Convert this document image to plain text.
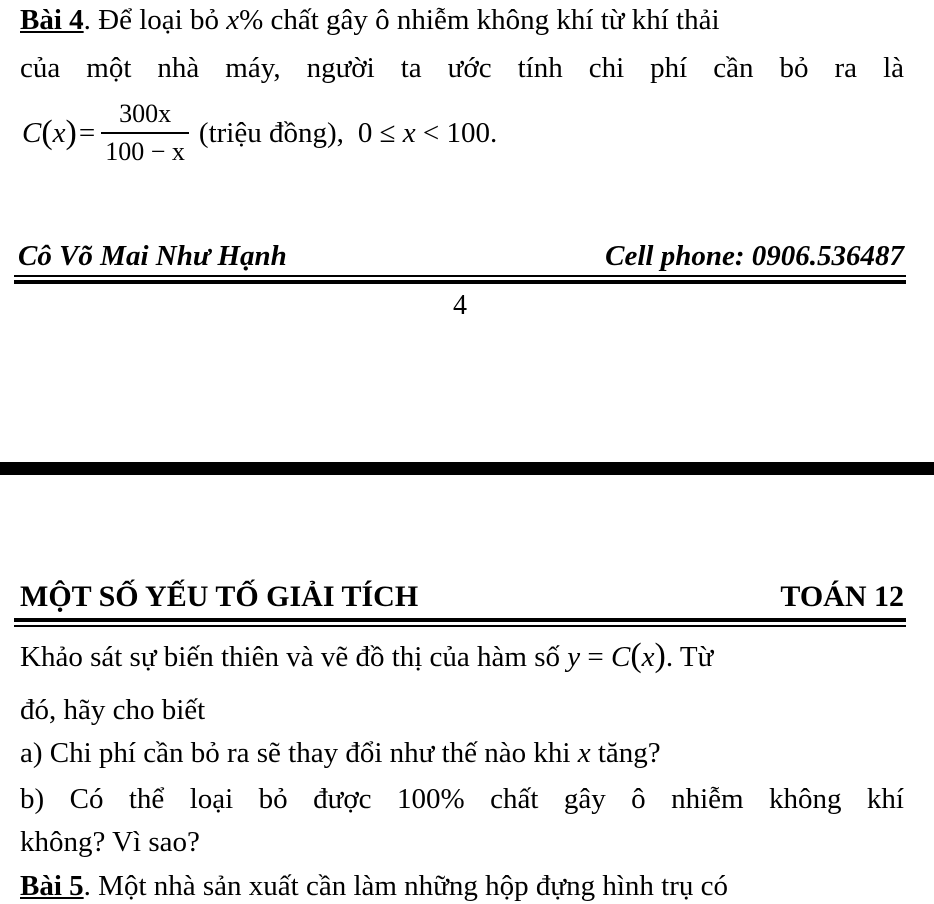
Bài 4. Để loại bỏ x% chất gây ô nhiễm không khí từ khí thải
của một nhà máy, người ta ước tính chi phí cần bỏ ra là
C ( x ) = $\frac{300x}{100 - x}$ (triệu đồng), 0 ≤ x < 100.
Cô Võ Mai Như Hạnh	Cell phone: 0906.536487
4
MỘT SỐ YẾU TỐ GIẢI TÍCH	TOÁN 12
Khảo sát sự biến thiên và vẽ đồ thị của hàm số y = C(x). Từ
đó, hãy cho biết
a) Chi phí cần bỏ ra sẽ thay đổi như thế nào khi x tăng?
b) Có thể loại bỏ được 100% chất gây ô nhiễm không khí
không? Vì sao?
Bài 5. Một nhà sản xuất cần làm những hộp đựng hình trụ có
